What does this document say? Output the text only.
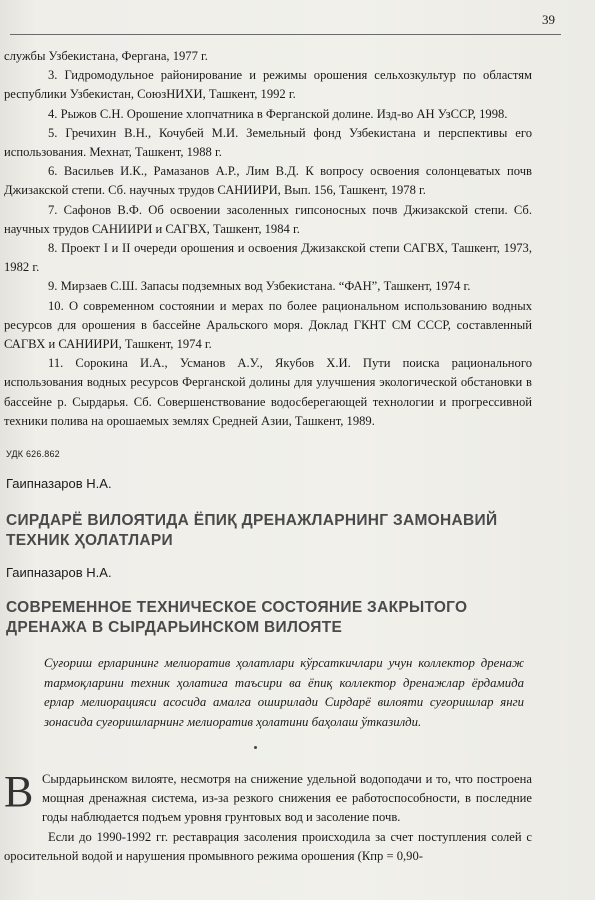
39

службы Узбекистана, Фергана, 1977 г.

3. Гидромодульное районирование и режимы орошения сельхозкультур по областям республики Узбекистан, СоюзНИХИ, Ташкент, 1992 г.

4. Рыжов С.Н. Орошение хлопчатника в Ферганской долине. Изд-во АН УзССР, 1998.

5. Гречихин В.Н., Кочубей М.И. Земельный фонд Узбекистана и перспективы его использования. Мехнат, Ташкент, 1988 г.

6. Васильев И.К., Рамазанов А.Р., Лим В.Д. К вопросу освоения солонцеватых почв Джизакской степи. Сб. научных трудов САНИИРИ, Вып. 156, Ташкент, 1978 г.

7. Сафонов В.Ф. Об освоении засоленных гипсоносных почв Джизакской степи. Сб. научных трудов САНИИРИ и САГВХ, Ташкент, 1984 г.

8. Проект I и II очереди орошения и освоения Джизакской степи САГВХ, Ташкент, 1973, 1982 г.

9. Мирзаев С.Ш. Запасы подземных вод Узбекистана. “ФАН”, Ташкент, 1974 г.

10. О современном состоянии и мерах по более рациональном использованию водных ресурсов для орошения в бассейне Аральского моря. Доклад ГКНТ СМ СССР, составленный САГВХ и САНИИРИ, Ташкент, 1974 г.

11. Сорокина И.А., Усманов А.У., Якубов Х.И. Пути поиска рационального использования водных ресурсов Ферганской долины для улучшения экологической обстановки в бассейне р. Сырдарья. Сб. Совершенствование водосберегающей технологии и прогрессивной техники полива на орошаемых землях Средней Азии, Ташкент, 1989.

УДК 626.862
Гаипназаров Н.А.
СИРДАРЁ ВИЛОЯТИДА ЁПИҚ ДРЕНАЖЛАРНИНГ ЗАМОНАВИЙ ТЕХНИК ҲОЛАТЛАРИ
Гаипназаров Н.А.
СОВРЕМЕННОЕ ТЕХНИЧЕСКОЕ СОСТОЯНИЕ ЗАКРЫТОГО ДРЕНАЖА В СЫРДАРЬИНСКОМ ВИЛОЯТЕ
Суғориш ерларининг мелиоратив ҳолатлари кўрсаткичлари учун коллектор дренаж тармоқларини техник ҳолатига таъсири ва ёпиқ коллектор дренажлар ёрдамида ерлар мелиорацияси асосида амалга оширилади Сирдарё вилояти суғоришлар янги зонасида суғоришларнинг мелиоратив ҳолатини баҳолаш ўтказилди.
В Сырдарьинском вилояте, несмотря на снижение удельной водоподачи и то, что построена мощная дренажная система, из-за резкого снижения ее работоспособности, в последние годы наблюдается подъем уровня грунтовых вод и засоление почв.

Если до 1990-1992 гг. реставрация засоления происходила за счет поступления солей с оросительной водой и нарушения промывного режима орошения (Кпр = 0,90-
